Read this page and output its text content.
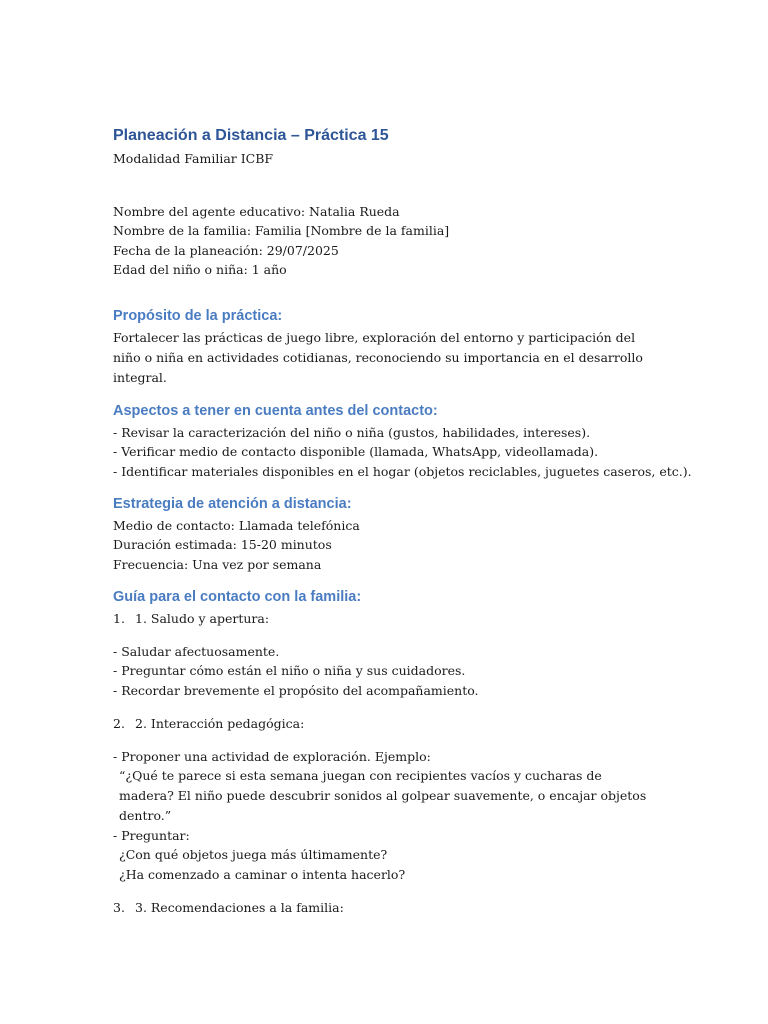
Planeación a Distancia – Práctica 15

Modalidad Familiar ICBF

Nombre del agente educativo: Natalia Rueda

Nombre de la familia: Familia [Nombre de la familia]

Fecha de la planeación: 29/07/2025

Edad del niño o niña: 1 año

Propósito de la práctica:

Fortalecer las prácticas de juego libre, exploración del entorno y participación del niño o niña en actividades cotidianas, reconociendo su importancia en el desarrollo integral.

Aspectos a tener en cuenta antes del contacto:

- Revisar la caracterización del niño o niña (gustos, habilidades, intereses).

- Verificar medio de contacto disponible (llamada, WhatsApp, videollamada).

- Identificar materiales disponibles en el hogar (objetos reciclables, juguetes caseros, etc.).

Estrategia de atención a distancia:

Medio de contacto: Llamada telefónica

Duración estimada: 15-20 minutos

Frecuencia: Una vez por semana

Guía para el contacto con la familia:

1. 1. Saludo y apertura:

- Saludar afectuosamente.

- Preguntar cómo están el niño o niña y sus cuidadores.

- Recordar brevemente el propósito del acompañamiento.

2. 2. Interacción pedagógica:

- Proponer una actividad de exploración. Ejemplo:

“¿Qué te parece si esta semana juegan con recipientes vacíos y cucharas de madera? El niño puede descubrir sonidos al golpear suavemente, o encajar objetos dentro.”

- Preguntar:

¿Con qué objetos juega más últimamente?

¿Ha comenzado a caminar o intenta hacerlo?

3. 3. Recomendaciones a la familia:
